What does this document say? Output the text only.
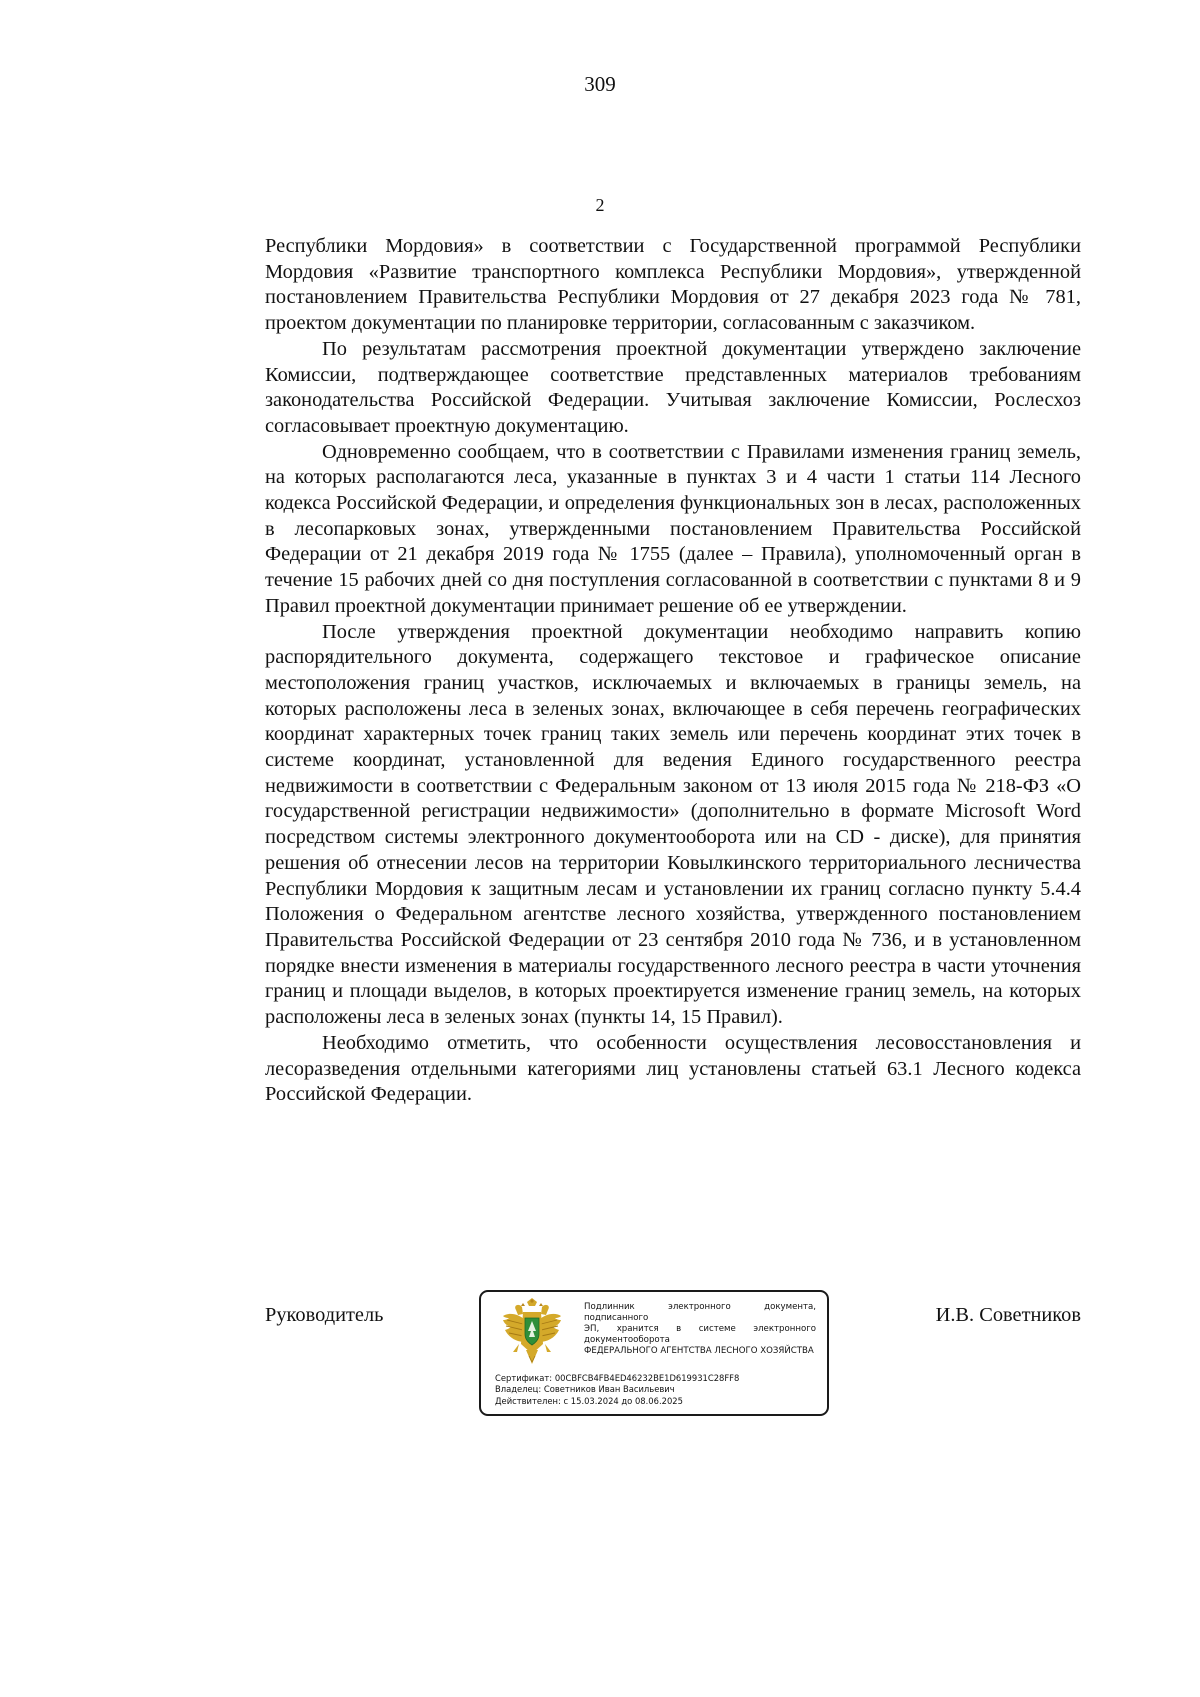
309
2

Республики Мордовия» в соответствии с Государственной программой Республики Мордовия «Развитие транспортного комплекса Республики Мордовия», утвержденной постановлением Правительства Республики Мордовия от 27 декабря 2023 года № 781, проектом документации по планировке территории, согласованным с заказчиком.

По результатам рассмотрения проектной документации утверждено заключение Комиссии, подтверждающее соответствие представленных материалов требованиям законодательства Российской Федерации. Учитывая заключение Комиссии, Рослесхоз согласовывает проектную документацию.

Одновременно сообщаем, что в соответствии с Правилами изменения границ земель, на которых располагаются леса, указанные в пунктах 3 и 4 части 1 статьи 114 Лесного кодекса Российской Федерации, и определения функциональных зон в лесах, расположенных в лесопарковых зонах, утвержденными постановлением Правительства Российской Федерации от 21 декабря 2019 года № 1755 (далее – Правила), уполномоченный орган в течение 15 рабочих дней со дня поступления согласованной в соответствии с пунктами 8 и 9 Правил проектной документации принимает решение об ее утверждении.

После утверждения проектной документации необходимо направить копию распорядительного документа, содержащего текстовое и графическое описание местоположения границ участков, исключаемых и включаемых в границы земель, на которых расположены леса в зеленых зонах, включающее в себя перечень географических координат характерных точек границ таких земель или перечень координат этих точек в системе координат, установленной для ведения Единого государственного реестра недвижимости в соответствии с Федеральным законом от 13 июля 2015 года № 218-ФЗ «О государственной регистрации недвижимости» (дополнительно в формате Microsoft Word посредством системы электронного документооборота или на CD - диске), для принятия решения об отнесении лесов на территории Ковылкинского территориального лесничества Республики Мордовия к защитным лесам и установлении их границ согласно пункту 5.4.4 Положения о Федеральном агентстве лесного хозяйства, утвержденного постановлением Правительства Российской Федерации от 23 сентября 2010 года № 736, и в установленном порядке внести изменения в материалы государственного лесного реестра в части уточнения границ и площади выделов, в которых проектируется изменение границ земель, на которых расположены леса в зеленых зонах (пункты 14, 15 Правил).

Необходимо отметить, что особенности осуществления лесовосстановления и лесоразведения отдельными категориями лиц установлены статьей 63.1 Лесного кодекса Российской Федерации.

Руководитель	Подлинник электронного документа, подписанного
ЭП, хранится в системе электронного
документооборота
ФЕДЕРАЛЬНОГО АГЕНТСТВА ЛЕСНОГО ХОЗЯЙСТВА
Сертификат: 00CBFCB4FB4ED46232BE1D619931C28FF8
Владелец: Советников Иван Васильевич
Действителен: с 15.03.2024 до 08.06.2025
И.В. Советников
